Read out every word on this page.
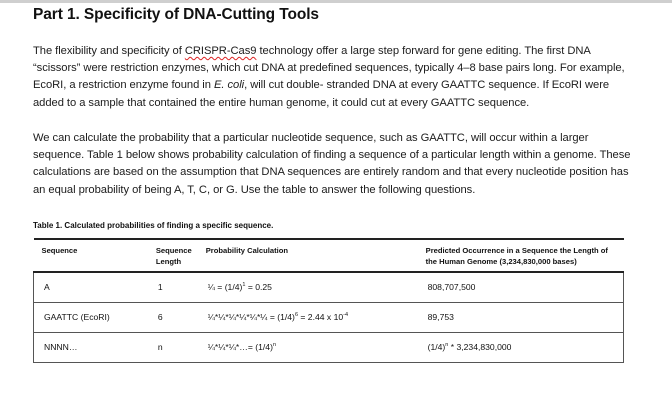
Part 1. Specificity of DNA-Cutting Tools

The flexibility and specificity of CRISPR-Cas9 technology offer a large step forward for gene editing. The first DNA “scissors” were restriction enzymes, which cut DNA at predefined sequences, typically 4–8 base pairs long. For example, EcoRI, a restriction enzyme found in E. coli, will cut double- stranded DNA at every GAATTC sequence. If EcoRI were added to a sample that contained the entire human genome, it could cut at every GAATTC sequence.

We can calculate the probability that a particular nucleotide sequence, such as GAATTC, will occur within a larger sequence. Table 1 below shows probability calculation of finding a sequence of a particular length within a genome. These calculations are based on the assumption that DNA sequences are entirely random and that every nucleotide position has an equal probability of being A, T, C, or G. Use the table to answer the following questions.

Table 1. Calculated probabilities of finding a specific sequence.

Sequence	Sequence Length	Probability Calculation	Predicted Occurrence in a Sequence the Length of the Human Genome (3,234,830,000 bases)
A	1	¼ = $(1/4)^1 = 0.25$	808,707,500
GAATTC (EcoRI)	6	¼*¼*¼*¼*¼*¼ = $(1/4)^6 = 2.44$ x $10^{-4}$	89,753
NNNN…	n	¼*¼*¼*…= $(1/4)^n$	$(1/4)^n * 3,234,830,000$
